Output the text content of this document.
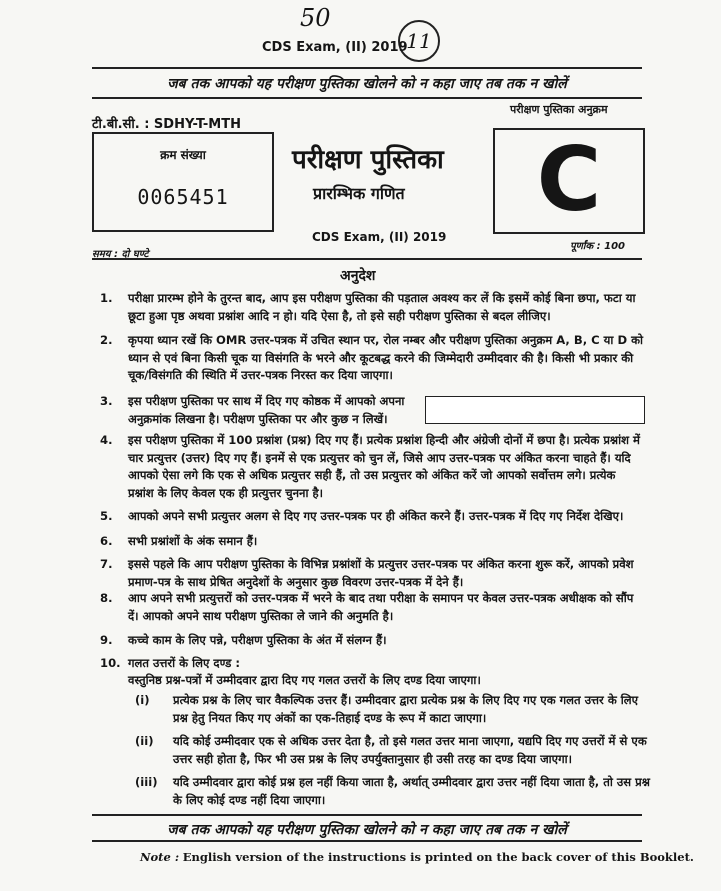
50
11
CDS Exam, (II) 2019
जब तक आपको यह परीक्षण पुस्तिका खोलने को न कहा जाए तब तक न खोलें
टी.बी.सी. : SDHY-T-MTH
परीक्षण पुस्तिका अनुक्रम
क्रम संख्या
0065451
परीक्षण पुस्तिका
प्रारम्भिक गणित	C
CDS Exam, (II) 2019
समय : दो घण्टे
पूर्णांक : 100
अनुदेश
1. परीक्षा प्रारम्भ होने के तुरन्त बाद, आप इस परीक्षण पुस्तिका की पड़ताल अवश्य कर लें कि इसमें कोई बिना छपा, फटा या छूटा हुआ पृष्ठ अथवा प्रश्नांश आदि न हो। यदि ऐसा है, तो इसे सही परीक्षण पुस्तिका से बदल लीजिए।
2. कृपया ध्यान रखें कि OMR उत्तर-पत्रक में उचित स्थान पर, रोल नम्बर और परीक्षण पुस्तिका अनुक्रम A, B, C या D को ध्यान से एवं बिना किसी चूक या विसंगति के भरने और कूटबद्ध करने की जिम्मेदारी उम्मीदवार की है। किसी भी प्रकार की चूक/विसंगति की स्थिति में उत्तर-पत्रक निरस्त कर दिया जाएगा।
3. इस परीक्षण पुस्तिका पर साथ में दिए गए कोष्ठक में आपको अपना अनुक्रमांक लिखना है। परीक्षण पुस्तिका पर और कुछ न लिखें।
4. इस परीक्षण पुस्तिका में 100 प्रश्नांश (प्रश्न) दिए गए हैं। प्रत्येक प्रश्नांश हिन्दी और अंग्रेजी दोनों में छपा है। प्रत्येक प्रश्नांश में चार प्रत्युत्तर (उत्तर) दिए गए हैं। इनमें से एक प्रत्युत्तर को चुन लें, जिसे आप उत्तर-पत्रक पर अंकित करना चाहते हैं। यदि आपको ऐसा लगे कि एक से अधिक प्रत्युत्तर सही हैं, तो उस प्रत्युत्तर को अंकित करें जो आपको सर्वोत्तम लगे। प्रत्येक प्रश्नांश के लिए केवल एक ही प्रत्युत्तर चुनना है।
5. आपको अपने सभी प्रत्युत्तर अलग से दिए गए उत्तर-पत्रक पर ही अंकित करने हैं। उत्तर-पत्रक में दिए गए निर्देश देखिए।
6. सभी प्रश्नांशों के अंक समान हैं।
7. इससे पहले कि आप परीक्षण पुस्तिका के विभिन्न प्रश्नांशों के प्रत्युत्तर उत्तर-पत्रक पर अंकित करना शुरू करें, आपको प्रवेश प्रमाण-पत्र के साथ प्रेषित अनुदेशों के अनुसार कुछ विवरण उत्तर-पत्रक में देने हैं।
8. आप अपने सभी प्रत्युत्तरों को उत्तर-पत्रक में भरने के बाद तथा परीक्षा के समापन पर केवल उत्तर-पत्रक अधीक्षक को सौंप दें। आपको अपने साथ परीक्षण पुस्तिका ले जाने की अनुमति है।
9. कच्चे काम के लिए पन्ने, परीक्षण पुस्तिका के अंत में संलग्न हैं।
10. गलत उत्तरों के लिए दण्ड :
वस्तुनिष्ठ प्रश्न-पत्रों में उम्मीदवार द्वारा दिए गए गलत उत्तरों के लिए दण्ड दिया जाएगा।
(i) प्रत्येक प्रश्न के लिए चार वैकल्पिक उत्तर हैं। उम्मीदवार द्वारा प्रत्येक प्रश्न के लिए दिए गए एक गलत उत्तर के लिए प्रश्न हेतु नियत किए गए अंकों का एक-तिहाई दण्ड के रूप में काटा जाएगा।
(ii) यदि कोई उम्मीदवार एक से अधिक उत्तर देता है, तो इसे गलत उत्तर माना जाएगा, यद्यपि दिए गए उत्तरों में से एक उत्तर सही होता है, फिर भी उस प्रश्न के लिए उपर्युक्तानुसार ही उसी तरह का दण्ड दिया जाएगा।
(iii) यदि उम्मीदवार द्वारा कोई प्रश्न हल नहीं किया जाता है, अर्थात् उम्मीदवार द्वारा उत्तर नहीं दिया जाता है, तो उस प्रश्न के लिए कोई दण्ड नहीं दिया जाएगा।
जब तक आपको यह परीक्षण पुस्तिका खोलने को न कहा जाए तब तक न खोलें
Note : English version of the instructions is printed on the back cover of this Booklet.
